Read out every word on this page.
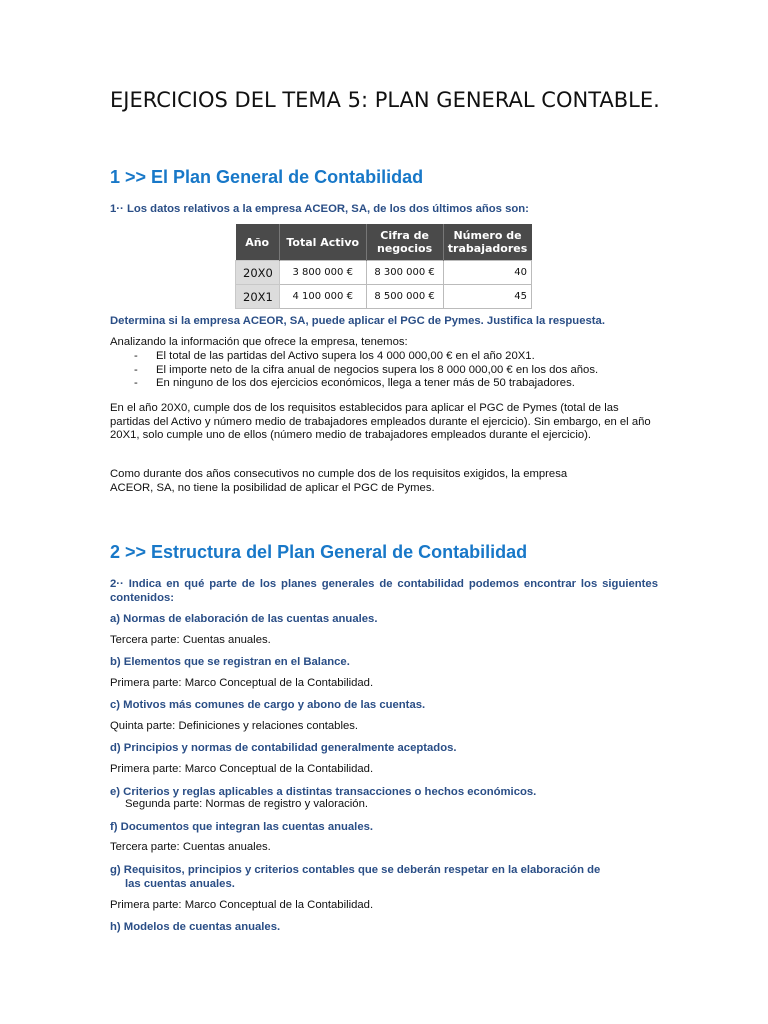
EJERCICIOS DEL TEMA 5: PLAN GENERAL CONTABLE.
1 >> El Plan General de Contabilidad

1·· Los datos relativos a la empresa ACEOR, SA, de los dos últimos años son:

Año	Total Activo	Cifra de negocios	Número de trabajadores
20X0	3 800 000 €	8 300 000 €	40
20X1	4 100 000 €	8 500 000 €	45

Determina si la empresa ACEOR, SA, puede aplicar el PGC de Pymes. Justifica la respuesta.

Analizando la información que ofrece la empresa, tenemos:

- El total de las partidas del Activo supera los 4 000 000,00 € en el año 20X1.
- El importe neto de la cifra anual de negocios supera los 8 000 000,00 € en los dos años.
- En ninguno de los dos ejercicios económicos, llega a tener más de 50 trabajadores.

En el año 20X0, cumple dos de los requisitos establecidos para aplicar el PGC de Pymes (total de las partidas del Activo y número medio de trabajadores empleados durante el ejercicio). Sin embargo, en el año 20X1, solo cumple uno de ellos (número medio de trabajadores empleados durante el ejercicio).

Como durante dos años consecutivos no cumple dos de los requisitos exigidos, la empresa ACEOR, SA, no tiene la posibilidad de aplicar el PGC de Pymes.

2 >> Estructura del Plan General de Contabilidad

2·· Indica en qué parte de los planes generales de contabilidad podemos encontrar los siguientes contenidos:

a) Normas de elaboración de las cuentas anuales.

Tercera parte: Cuentas anuales.

b) Elementos que se registran en el Balance.

Primera parte: Marco Conceptual de la Contabilidad.

c) Motivos más comunes de cargo y abono de las cuentas.

Quinta parte: Definiciones y relaciones contables.

d) Principios y normas de contabilidad generalmente aceptados.

Primera parte: Marco Conceptual de la Contabilidad.

e) Criterios y reglas aplicables a distintas transacciones o hechos económicos.

Segunda parte: Normas de registro y valoración.

f) Documentos que integran las cuentas anuales.

Tercera parte: Cuentas anuales.

g) Requisitos, principios y criterios contables que se deberán respetar en la elaboración de
las cuentas anuales.

Primera parte: Marco Conceptual de la Contabilidad.

h) Modelos de cuentas anuales.
